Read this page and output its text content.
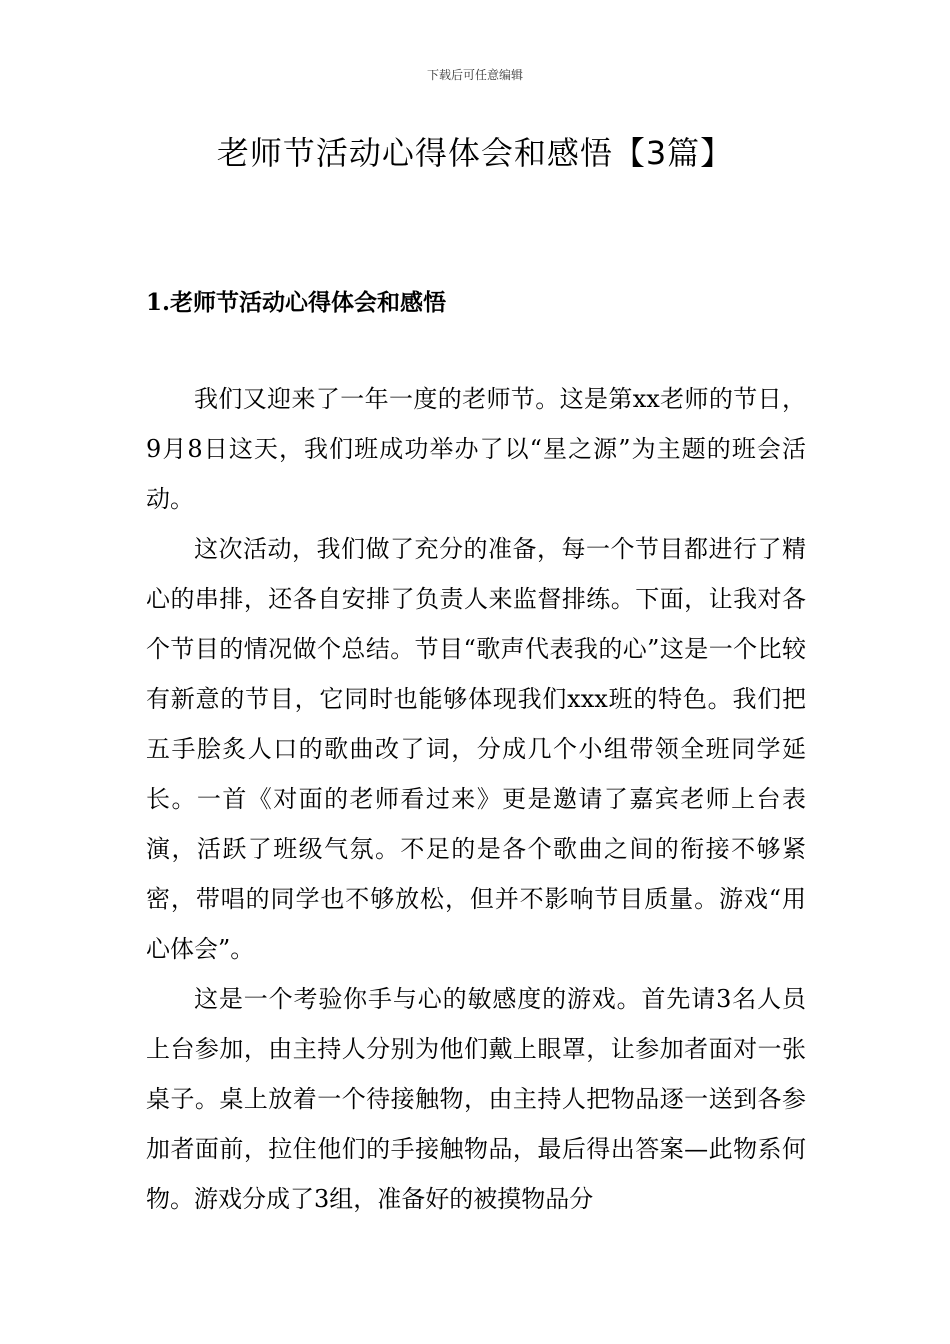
下载后可任意编辑
老师节活动心得体会和感悟【3篇】
1.老师节活动心得体会和感悟

我们又迎来了一年一度的老师节。这是第xx老师的节日，9月8日这天，我们班成功举办了以“星之源”为主题的班会活动。

这次活动，我们做了充分的准备，每一个节目都进行了精心的串排，还各自安排了负责人来监督排练。下面，让我对各个节目的情况做个总结。节目“歌声代表我的心”这是一个比较有新意的节目，它同时也能够体现我们xxx班的特色。我们把五手脍炙人口的歌曲改了词，分成几个小组带领全班同学延长。一首《对面的老师看过来》更是邀请了嘉宾老师上台表演，活跃了班级气氛。不足的是各个歌曲之间的衔接不够紧密，带唱的同学也不够放松，但并不影响节目质量。游戏“用心体会”。

这是一个考验你手与心的敏感度的游戏。首先请3名人员上台参加，由主持人分别为他们戴上眼罩，让参加者面对一张桌子。桌上放着一个待接触物，由主持人把物品逐一送到各参加者面前，拉住他们的手接触物品，最后得出答案—此物系何物。游戏分成了3组，准备好的被摸物品分
